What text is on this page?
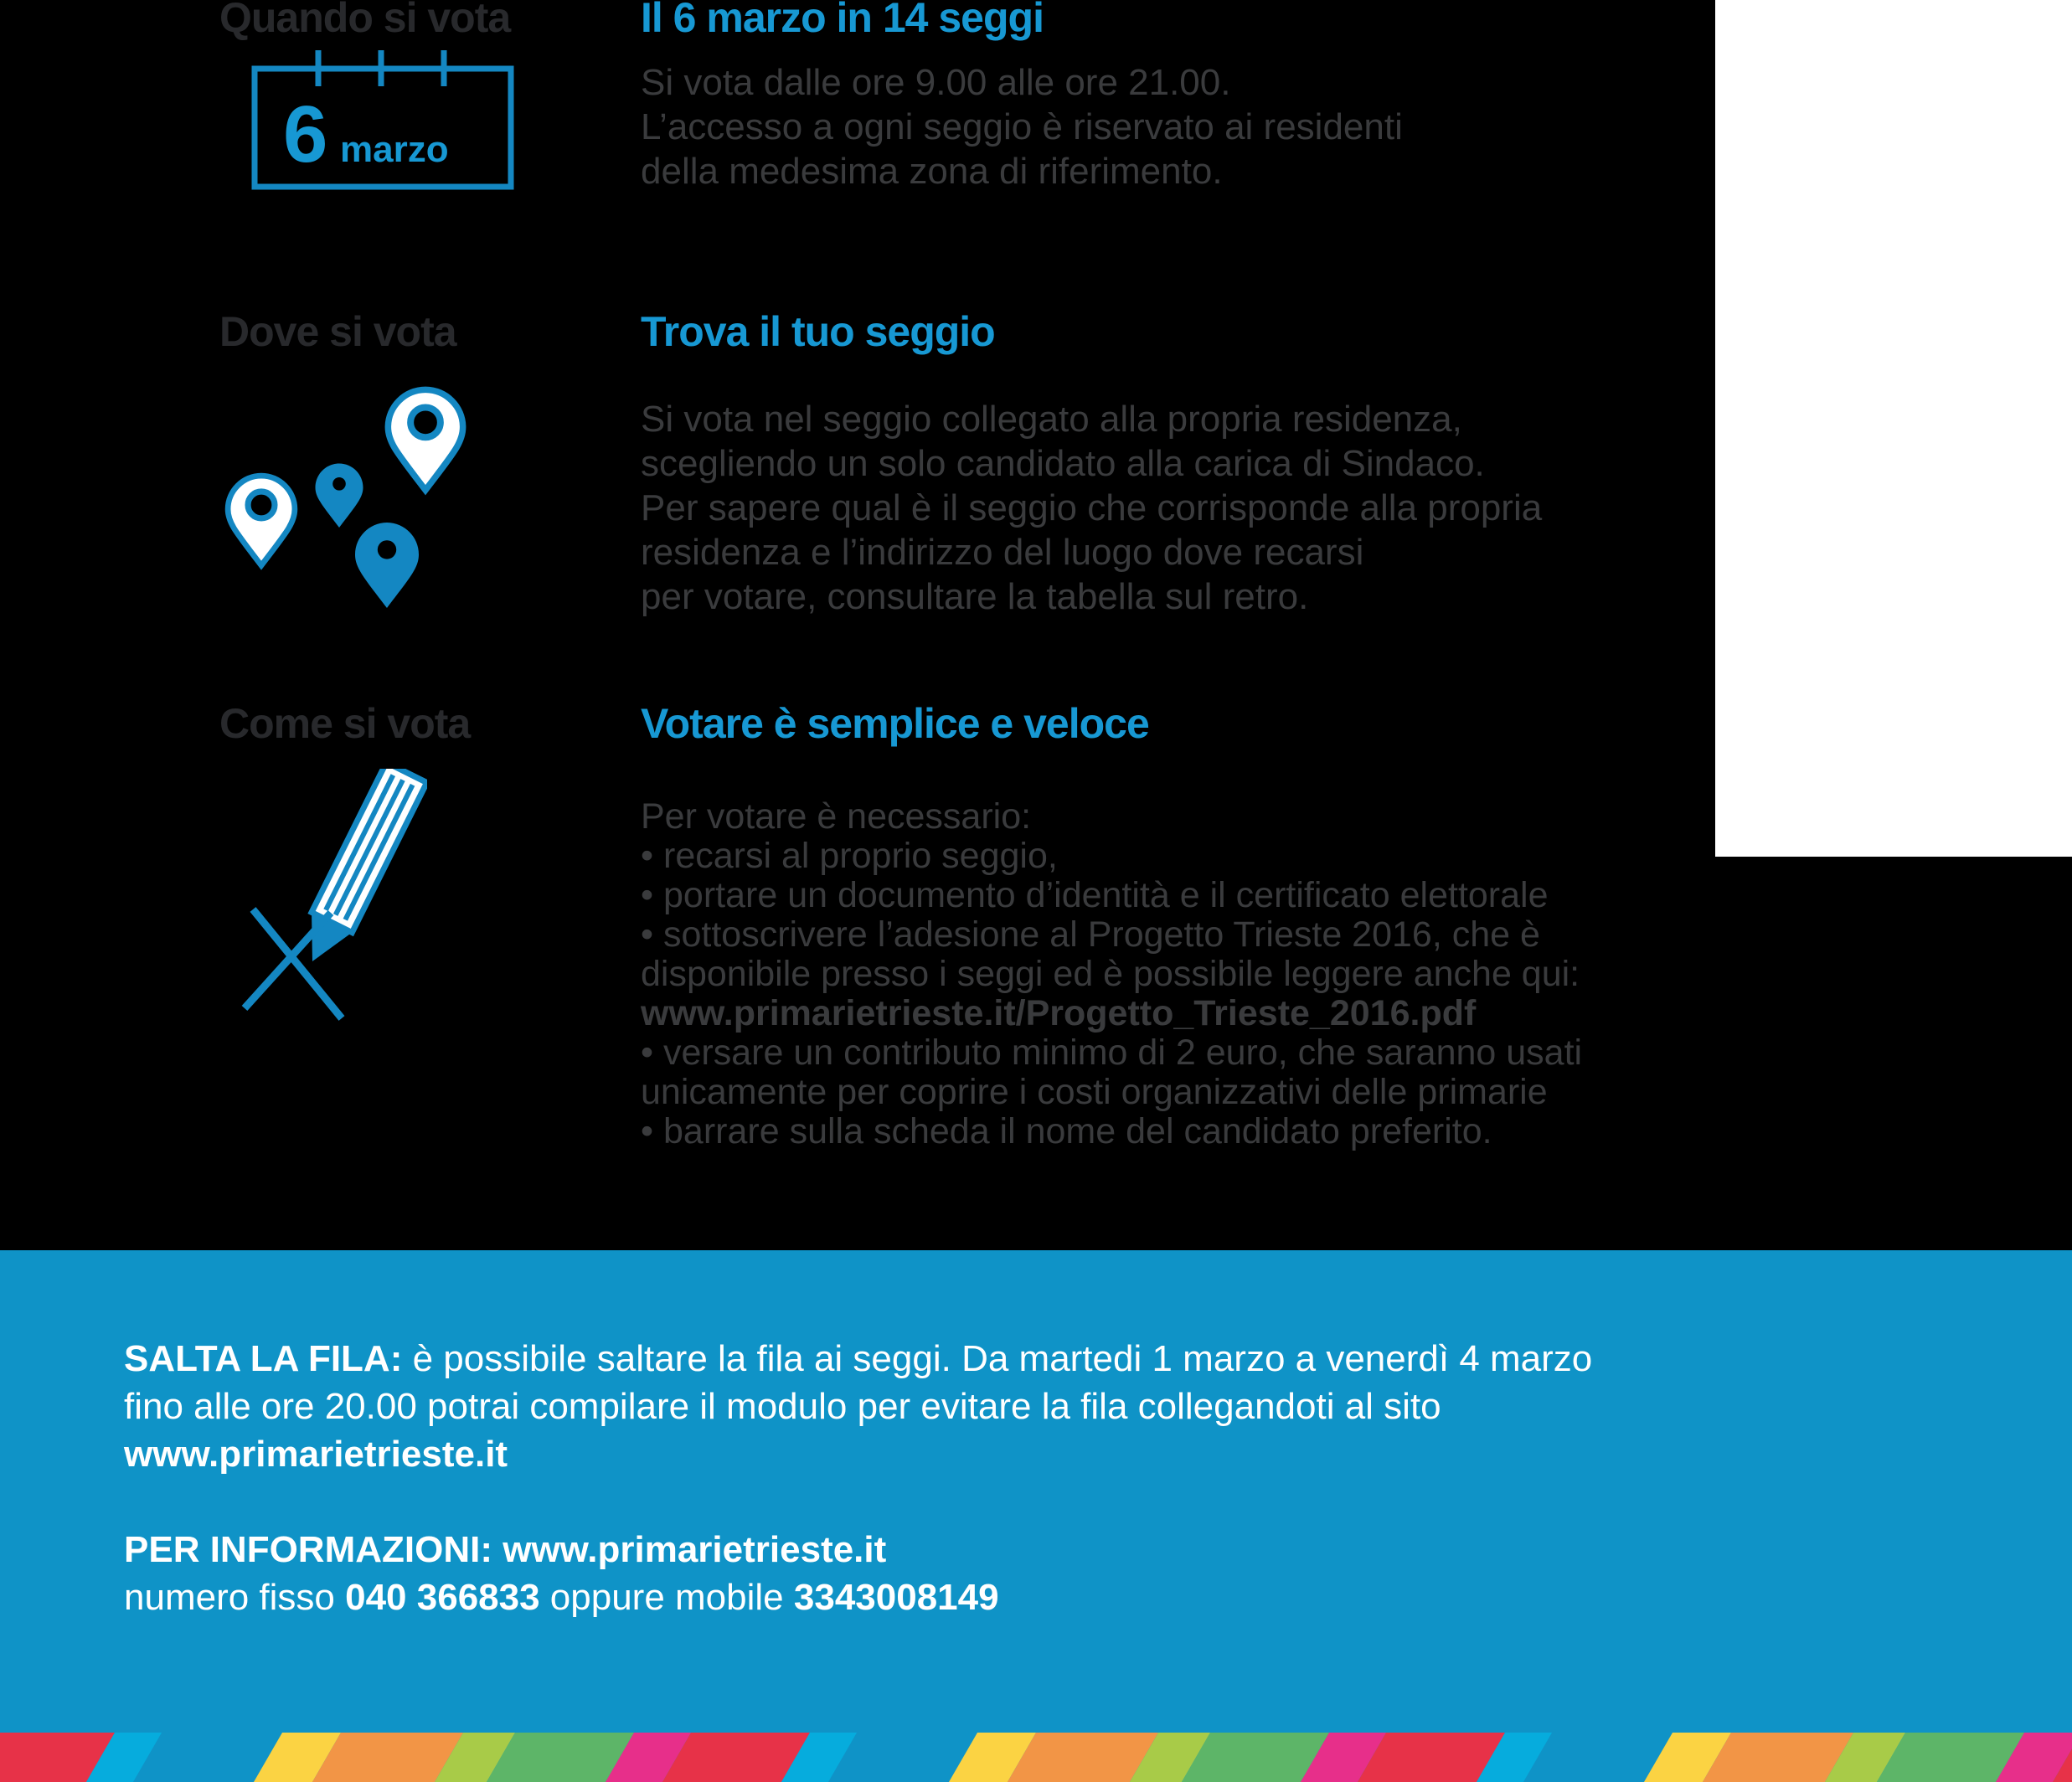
Quando si vota	Il 6 marzo in 14 seggi
Si vota dalle ore 9.00 alle ore 21.00.
L’accesso a ogni seggio è riservato ai residenti
della medesima zona di riferimento.
6 marzo
Dove si vota	Trova il tuo seggio
Si vota nel seggio collegato alla propria residenza,
scegliendo un solo candidato alla carica di Sindaco.
Per sapere qual è il seggio che corrisponde alla propria
residenza e l’indirizzo del luogo dove recarsi
per votare, consultare la tabella sul retro.
Come si vota	Votare è semplice e veloce
Per votare è necessario:
• recarsi al proprio seggio,
• portare un documento d’identità e il certificato elettorale
• sottoscrivere l’adesione al Progetto Trieste 2016, che è
disponibile presso i seggi ed è possibile leggere anche qui:
www.primarietrieste.it/Progetto_Trieste_2016.pdf
• versare un contributo minimo di 2 euro, che saranno usati
unicamente per coprire i costi organizzativi delle primarie
• barrare sulla scheda il nome del candidato preferito.
SALTA LA FILA: è possibile saltare la fila ai seggi. Da martedi 1 marzo a venerdì 4 marzo
fino alle ore 20.00 potrai compilare il modulo per evitare la fila collegandoti al sito
www.primarietrieste.it
PER INFORMAZIONI: www.primarietrieste.it
numero fisso 040 366833 oppure mobile 3343008149
